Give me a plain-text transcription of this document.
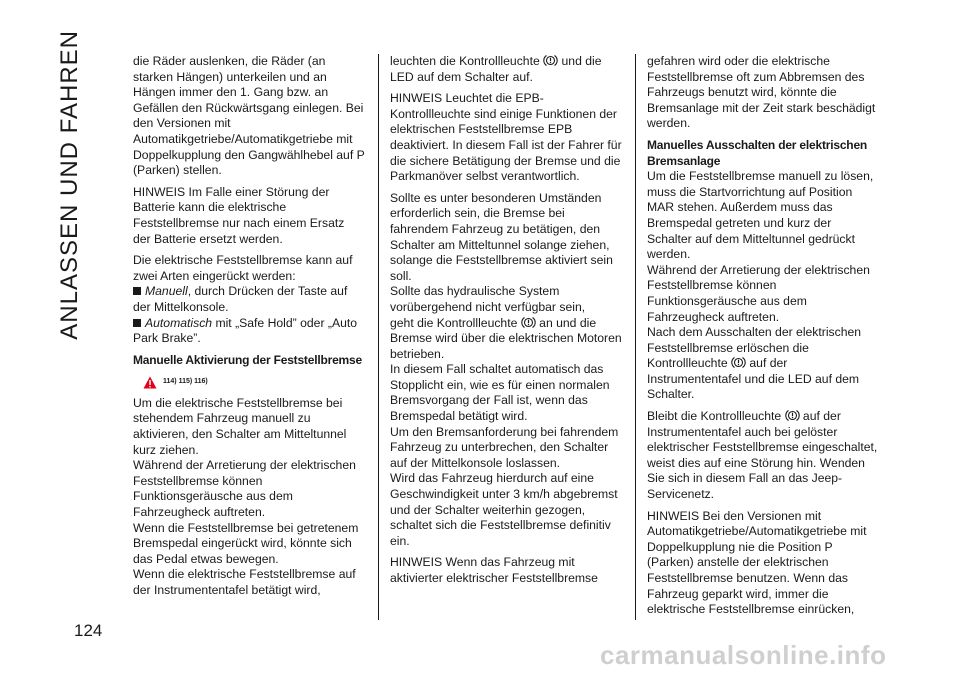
ANLASSEN UND FAHREN
124

die Räder auslenken, die Räder (an starken Hängen) unterkeilen und an Hängen immer den 1. Gang bzw. an Gefällen den Rückwärtsgang einlegen. Bei den Versionen mit Automatikgetriebe/Automatikgetriebe mit Doppelkupplung den Gangwählhebel auf P (Parken) stellen.

HINWEIS Im Falle einer Störung der Batterie kann die elektrische Feststellbremse nur nach einem Ersatz der Batterie ersetzt werden.

Die elektrische Feststellbremse kann auf zwei Arten eingerückt werden:

Manuell, durch Drücken der Taste auf der Mittelkonsole.
Automatisch mit „Safe Hold” oder „Auto Park Brake”.
Manuelle Aktivierung der Feststellbremse
114) 115) 116)

Um die elektrische Feststellbremse bei stehendem Fahrzeug manuell zu aktivieren, den Schalter am Mitteltunnel kurz ziehen.

Während der Arretierung der elektrischen Feststellbremse können Funktionsgeräusche aus dem Fahrzeugheck auftreten.

Wenn die Feststellbremse bei getretenem Bremspedal eingerückt wird, könnte sich das Pedal etwas bewegen.

Wenn die elektrische Feststellbremse auf der Instrumententafel betätigt wird,

leuchten die Kontrollleuchte  und die LED auf dem Schalter auf.

HINWEIS Leuchtet die EPB-Kontrollleuchte sind einige Funktionen der elektrischen Feststellbremse EPB deaktiviert. In diesem Fall ist der Fahrer für die sichere Betätigung der Bremse und die Parkmanöver selbst verantwortlich.

Sollte es unter besonderen Umständen erforderlich sein, die Bremse bei fahrendem Fahrzeug zu betätigen, den Schalter am Mitteltunnel solange ziehen, solange die Feststellbremse aktiviert sein soll.

Sollte das hydraulische System vorübergehend nicht verfügbar sein,

geht die Kontrollleuchte  an und die Bremse wird über die elektrischen Motoren betrieben.

In diesem Fall schaltet automatisch das Stopplicht ein, wie es für einen normalen Bremsvorgang der Fall ist, wenn das Bremspedal betätigt wird.

Um den Bremsanforderung bei fahrendem Fahrzeug zu unterbrechen, den Schalter auf der Mittelkonsole loslassen.

Wird das Fahrzeug hierdurch auf eine Geschwindigkeit unter 3 km/h abgebremst und der Schalter weiterhin gezogen, schaltet sich die Feststellbremse definitiv ein.

HINWEIS Wenn das Fahrzeug mit aktivierter elektrischer Feststellbremse

gefahren wird oder die elektrische Feststellbremse oft zum Abbremsen des Fahrzeugs benutzt wird, könnte die Bremsanlage mit der Zeit stark beschädigt werden.

Manuelles Ausschalten der elektrischen Bremsanlage

Um die Feststellbremse manuell zu lösen, muss die Startvorrichtung auf Position MAR stehen. Außerdem muss das Bremspedal getreten und kurz der Schalter auf dem Mitteltunnel gedrückt werden.

Während der Arretierung der elektrischen Feststellbremse können Funktionsgeräusche aus dem Fahrzeugheck auftreten.

Nach dem Ausschalten der elektrischen Feststellbremse erlöschen die Kontrollleuchte  auf der Instrumententafel und die LED auf dem Schalter.

Bleibt die Kontrollleuchte  auf der Instrumententafel auch bei gelöster elektrischer Feststellbremse eingeschaltet, weist dies auf eine Störung hin. Wenden Sie sich in diesem Fall an das Jeep-Servicenetz.

HINWEIS Bei den Versionen mit Automatikgetriebe/Automatikgetriebe mit Doppelkupplung nie die Position P (Parken) anstelle der elektrischen Feststellbremse benutzen. Wenn das Fahrzeug geparkt wird, immer die elektrische Feststellbremse einrücken,

carmanualsonline.info
